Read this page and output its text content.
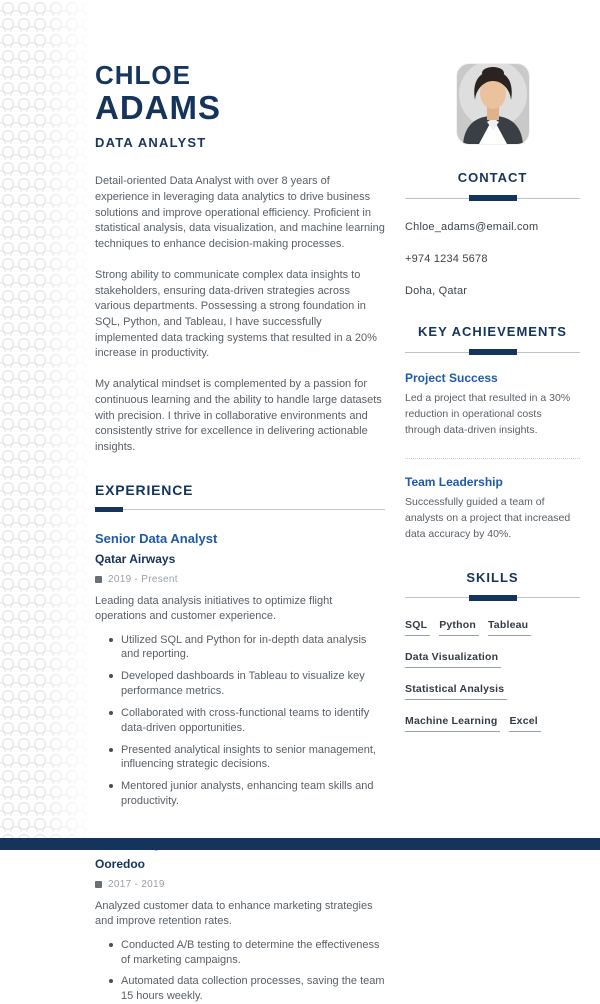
CHLOE
ADAMS
DATA ANALYST

Detail-oriented Data Analyst with over 8 years of experience in leveraging data analytics to drive business solutions and improve operational efficiency. Proficient in statistical analysis, data visualization, and machine learning techniques to enhance decision-making processes.

Strong ability to communicate complex data insights to stakeholders, ensuring data-driven strategies across various departments. Possessing a strong foundation in SQL, Python, and Tableau, I have successfully implemented data tracking systems that resulted in a 20% increase in productivity.

My analytical mindset is complemented by a passion for continuous learning and the ability to handle large datasets with precision. I thrive in collaborative environments and consistently strive for excellence in delivering actionable insights.

EXPERIENCE
Senior Data Analyst
Qatar Airways
2019 - Present

Leading data analysis initiatives to optimize flight operations and customer experience.

Utilized SQL and Python for in-depth data analysis and reporting.

Developed dashboards in Tableau to visualize key performance metrics.

Collaborated with cross-functional teams to identify data-driven opportunities.

Presented analytical insights to senior management, influencing strategic decisions.

Mentored junior analysts, enhancing team skills and productivity.

Ooredoo
2017 - 2019

Analyzed customer data to enhance marketing strategies and improve retention rates.

Conducted A/B testing to determine the effectiveness of marketing campaigns.

Automated data collection processes, saving the team 15 hours weekly.

CONTACT
Chloe_adams@email.com
+974 1234 5678
Doha, Qatar
KEY ACHIEVEMENTS
Project Success

Led a project that resulted in a 30% reduction in operational costs through data-driven insights.

Team Leadership

Successfully guided a team of analysts on a project that increased data accuracy by 40%.

SKILLS
SQL Python TableauData VisualizationStatistical AnalysisMachine Learning Excel
